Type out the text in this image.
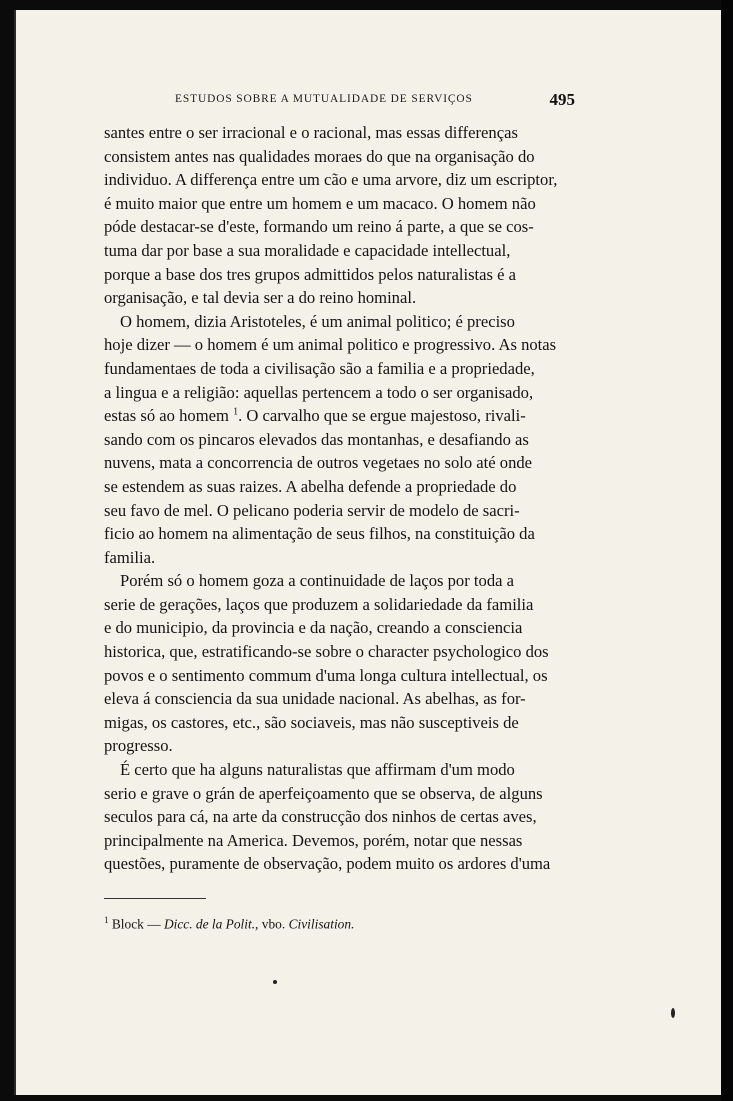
ESTUDOS SOBRE A MUTUALIDADE DE SERVIÇOS	495
santes entre o ser irracional e o racional, mas essas differenças
consistem antes nas qualidades moraes do que na organisação do
individuo. A differença entre um cão e uma arvore, diz um escriptor,
é muito maior que entre um homem e um macaco. O homem não
póde destacar-se d'este, formando um reino á parte, a que se cos-
tuma dar por base a sua moralidade e capacidade intellectual,
porque a base dos tres grupos admittidos pelos naturalistas é a
organisação, e tal devia ser a do reino hominal.
O homem, dizia Aristoteles, é um animal politico; é preciso
hoje dizer — o homem é um animal politico e progressivo. As notas
fundamentaes de toda a civilisação são a familia e a propriedade,
a lingua e a religião: aquellas pertencem a todo o ser organisado,
estas só ao homem $^1$. O carvalho que se ergue majestoso, rivali-
sando com os pincaros elevados das montanhas, e desafiando as
nuvens, mata a concorrencia de outros vegetaes no solo até onde
se estendem as suas raizes. A abelha defende a propriedade do
seu favo de mel. O pelicano poderia servir de modelo de sacri-
ficio ao homem na alimentação de seus filhos, na constituição da
familia.
Porém só o homem goza a continuidade de laços por toda a
serie de gerações, laços que produzem a solidariedade da familia
e do municipio, da provincia e da nação, creando a consciencia
historica, que, estratificando-se sobre o character psychologico dos
povos e o sentimento commum d'uma longa cultura intellectual, os
eleva á consciencia da sua unidade nacional. As abelhas, as for-
migas, os castores, etc., são sociaveis, mas não susceptiveis de
progresso.
É certo que ha alguns naturalistas que affirmam d'um modo
serio e grave o grán de aperfeiçoamento que se observa, de alguns
seculos para cá, na arte da construcção dos ninhos de certas aves,
principalmente na America. Devemos, porém, notar que nessas
questões, puramente de observação, podem muito os ardores d'uma
$^1$ Block — Dicc. de la Polit., vbo. Civilisation.
